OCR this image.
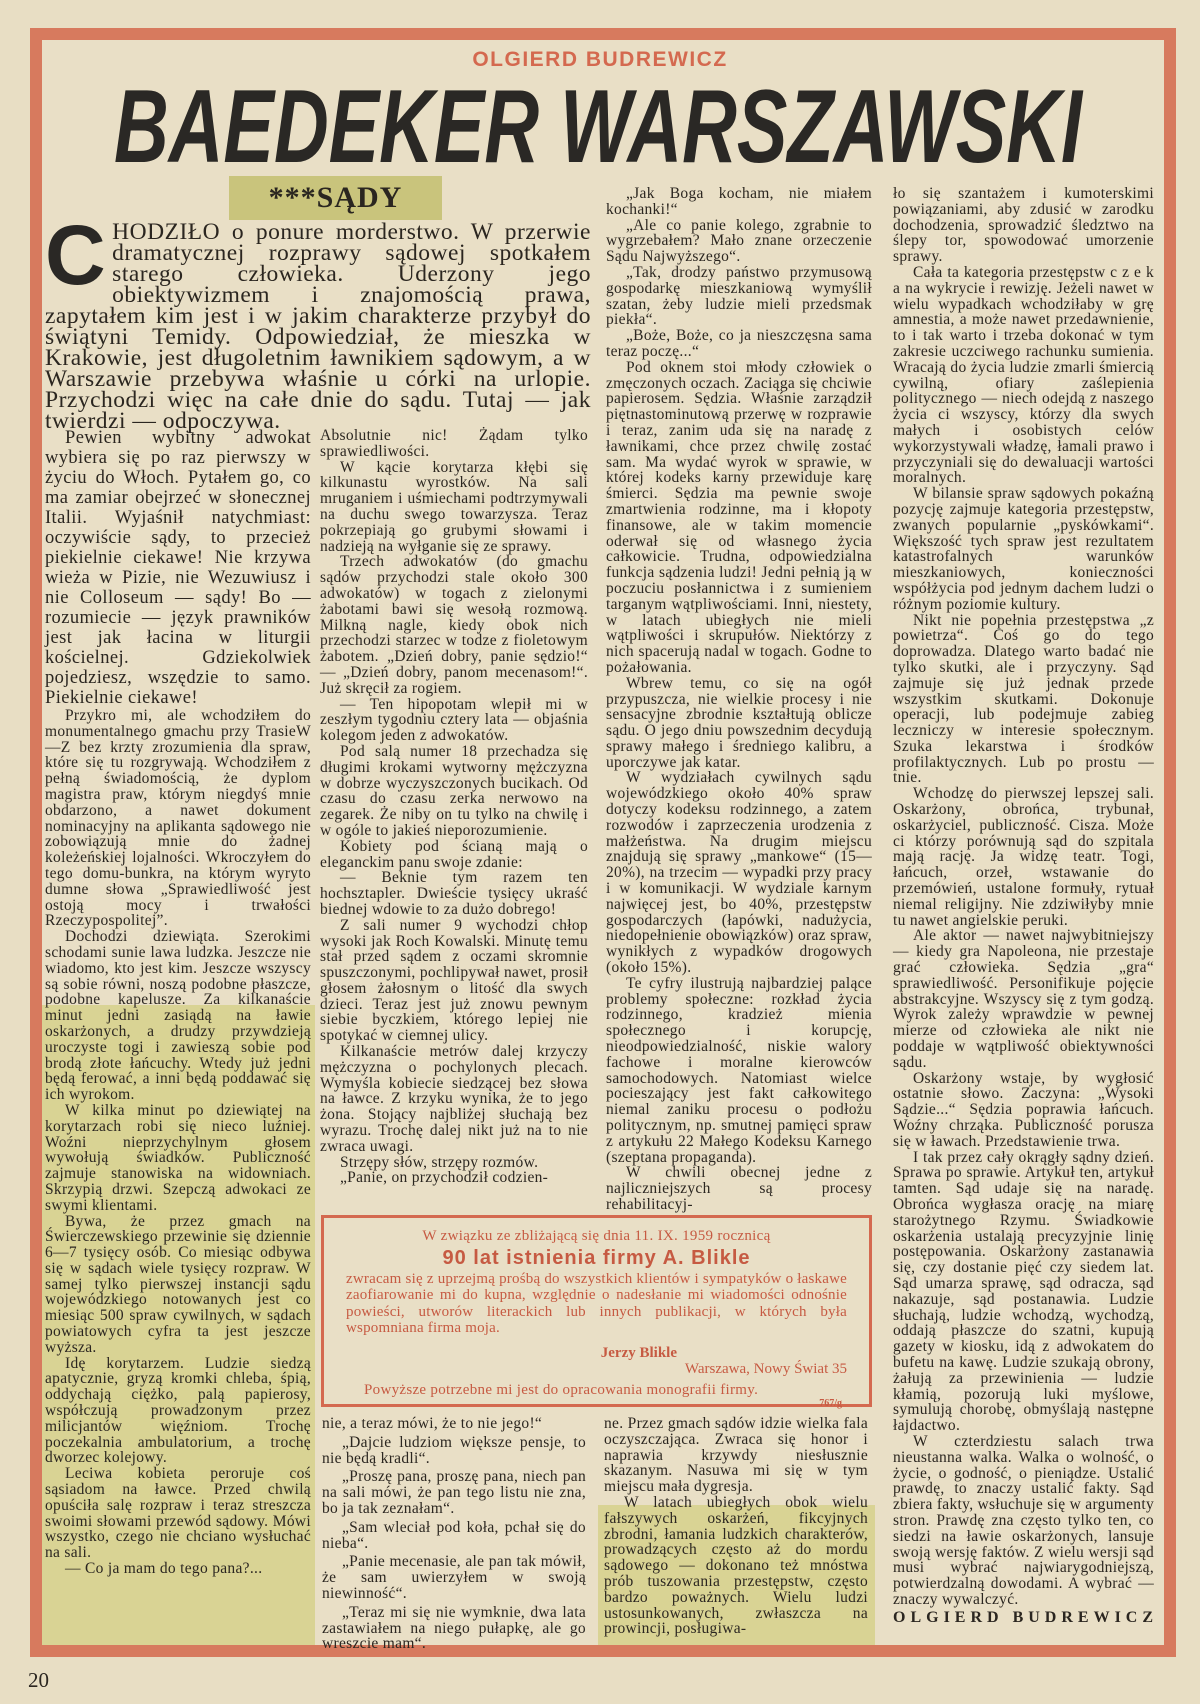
OLGIERD BUDREWICZ
BAEDEKER WARSZAWSKI
***SĄDY
CHODZIŁO o ponure morderstwo. W przerwie dramatycznej rozprawy sądowej spotkałem starego człowieka. Uderzony jego obiektywizmem i znajomością prawa, zapytałem kim jest i w jakim charakterze przybył do świątyni Temidy. Odpowiedział, że mieszka w Krakowie, jest długoletnim ławnikiem sądowym, a w Warszawie przebywa właśnie u córki na urlopie. Przychodzi więc na całe dnie do sądu. Tutaj — jak twierdzi — odpoczywa.

Pewien wybitny adwokat wybiera się po raz pierwszy w życiu do Włoch. Pytałem go, co ma zamiar obejrzeć w słonecznej Italii. Wyjaśnił natychmiast: oczywiście sądy, to przecież piekielnie ciekawe! Nie krzywa wieża w Pizie, nie Wezuwiusz i nie Colloseum — sądy! Bo — rozumiecie — język prawników jest jak łacina w liturgii kościelnej. Gdziekolwiek pojedziesz, wszędzie to samo. Piekielnie ciekawe!

Przykro mi, ale wchodziłem do monumentalnego gmachu przy TrasieW—Z bez krzty zrozumienia dla spraw, które się tu rozgrywają. Wchodziłem z pełną świadomością, że dyplom magistra praw, którym niegdyś mnie obdarzono, a nawet dokument nominacyjny na aplikanta sądowego nie zobowiązują mnie do żadnej koleżeńskiej lojalności. Wkroczyłem do tego domu-bunkra, na którym wyryto dumne słowa „Sprawiedliwość jest ostoją mocy i trwałości Rzeczypospolitej”.

Dochodzi dziewiąta. Szerokimi schodami sunie lawa ludzka. Jeszcze nie wiadomo, kto jest kim. Jeszcze wszyscy są sobie równi, noszą podobne płaszcze, podobne kapelusze. Za kilkanaście minut jedni zasiądą na ławie oskarżonych, a drudzy przywdzieją uroczyste togi i zawieszą sobie pod brodą złote łańcuchy. Wtedy już jedni będą ferować, a inni będą poddawać się ich wyrokom.

W kilka minut po dziewiątej na korytarzach robi się nieco luźniej. Woźni nieprzychylnym głosem wywołują świadków. Publiczność zajmuje stanowiska na widowniach. Skrzypią drzwi. Szepczą adwokaci ze swymi klientami.

Bywa, że przez gmach na Świerczewskiego przewinie się dziennie 6—7 tysięcy osób. Co miesiąc odbywa się w sądach wiele tysięcy rozpraw. W samej tylko pierwszej instancji sądu wojewódzkiego notowanych jest co miesiąc 500 spraw cywilnych, w sądach powiatowych cyfra ta jest jeszcze wyższa.

Idę korytarzem. Ludzie siedzą apatycznie, gryzą kromki chleba, śpią, oddychają ciężko, palą papierosy, współczują prowadzonym przez milicjantów więźniom. Trochę poczekalnia ambulatorium, a trochę dworzec kolejowy.

Leciwa kobieta peroruje coś sąsiadom na ławce. Przed chwilą opuściła salę rozpraw i teraz streszcza swoimi słowami przewód sądowy. Mówi wszystko, czego nie chciano wysłuchać na sali.

— Co ja mam do tego pana?...

Absolutnie nic! Żądam tylko sprawiedliwości.

W kącie korytarza kłębi się kilkunastu wyrostków. Na sali mruganiem i uśmiechami podtrzymywali na duchu swego towarzysza. Teraz pokrzepiają go grubymi słowami i nadzieją na wyłganie się ze sprawy.

Trzech adwokatów (do gmachu sądów przychodzi stale około 300 adwokatów) w togach z zielonymi żabotami bawi się wesołą rozmową. Milkną nagle, kiedy obok nich przechodzi starzec w todze z fioletowym żabotem. „Dzień dobry, panie sędzio!“ — „Dzień dobry, panom mecenasom!“. Już skręcił za rogiem.

— Ten hipopotam wlepił mi w zeszłym tygodniu cztery lata — objaśnia kolegom jeden z adwokatów.

Pod salą numer 18 przechadza się długimi krokami wytworny mężczyzna w dobrze wyczyszczonych bucikach. Od czasu do czasu zerka nerwowo na zegarek. Że niby on tu tylko na chwilę i w ogóle to jakieś nieporozumienie.

Kobiety pod ścianą mają o eleganckim panu swoje zdanie:

— Beknie tym razem ten hochsztapler. Dwieście tysięcy ukraść biednej wdowie to za dużo dobrego!

Z sali numer 9 wychodzi chłop wysoki jak Roch Kowalski. Minutę temu stał przed sądem z oczami skromnie spuszczonymi, pochlipywał nawet, prosił głosem żałosnym o litość dla swych dzieci. Teraz jest już znowu pewnym siebie byczkiem, którego lepiej nie spotykać w ciemnej ulicy.

Kilkanaście metrów dalej krzyczy mężczyzna o pochylonych plecach. Wymyśla kobiecie siedzącej bez słowa na ławce. Z krzyku wynika, że to jego żona. Stojący najbliżej słuchają bez wyrazu. Trochę dalej nikt już na to nie zwraca uwagi.

Strzępy słów, strzępy rozmów.

„Panie, on przychodził codzien-

„Jak Boga kocham, nie miałem kochanki!“

„Ale co panie kolego, zgrabnie to wygrzebałem? Mało znane orzeczenie Sądu Najwyższego“.

„Tak, drodzy państwo przymusową gospodarkę mieszkaniową wymyślił szatan, żeby ludzie mieli przedsmak piekła“.

„Boże, Boże, co ja nieszczęsna sama teraz poczę...“

Pod oknem stoi młody człowiek o zmęczonych oczach. Zaciąga się chciwie papierosem. Sędzia. Właśnie zarządził piętnastominutową przerwę w rozprawie i teraz, zanim uda się na naradę z ławnikami, chce przez chwilę zostać sam. Ma wydać wyrok w sprawie, w której kodeks karny przewiduje karę śmierci. Sędzia ma pewnie swoje zmartwienia rodzinne, ma i kłopoty finansowe, ale w takim momencie oderwał się od własnego życia całkowicie. Trudna, odpowiedzialna funkcja sądzenia ludzi! Jedni pełnią ją w poczuciu posłannictwa i z sumieniem targanym wątpliwościami. Inni, niestety, w latach ubiegłych nie mieli wątpliwości i skrupułów. Niektórzy z nich spacerują nadal w togach. Godne to pożałowania.

Wbrew temu, co się na ogół przypuszcza, nie wielkie procesy i nie sensacyjne zbrodnie kształtują oblicze sądu. O jego dniu powszednim decydują sprawy małego i średniego kalibru, a uporczywe jak katar.

W wydziałach cywilnych sądu wojewódzkiego około 40% spraw dotyczy kodeksu rodzinnego, a zatem rozwodów i zaprzeczenia urodzenia z małżeństwa. Na drugim miejscu znajdują się sprawy „mankowe“ (15—20%), na trzecim — wypadki przy pracy i w komunikacji. W wydziale karnym najwięcej jest, bo 40%, przestępstw gospodarczych (łapówki, nadużycia, niedopełnienie obowiązków) oraz spraw, wynikłych z wypadków drogowych (około 15%).

Te cyfry ilustrują najbardziej palące problemy społeczne: rozkład życia rodzinnego, kradzież mienia społecznego i korupcję, nieodpowiedzialność, niskie walory fachowe i moralne kierowców samochodowych. Natomiast wielce pocieszający jest fakt całkowitego niemal zaniku procesu o podłożu politycznym, np. smutnej pamięci spraw z artykułu 22 Małego Kodeksu Karnego (szeptana propaganda).

W chwili obecnej jedne z najliczniejszych są procesy rehabilitacyj-

nie, a teraz mówi, że to nie jego!“

„Dajcie ludziom większe pensje, to nie będą kradli“.

„Proszę pana, proszę pana, niech pan na sali mówi, że pan tego listu nie zna, bo ja tak zeznałam“.

„Sam wleciał pod koła, pchał się do nieba“.

„Panie mecenasie, ale pan tak mówił, że sam uwierzyłem w swoją niewinność“.

„Teraz mi się nie wymknie, dwa lata zastawiałem na niego pułapkę, ale go wreszcie mam“.

ne. Przez gmach sądów idzie wielka fala oczyszczająca. Zwraca się honor i naprawia krzywdy niesłusznie skazanym. Nasuwa mi się w tym miejscu mała dygresja.

W latach ubiegłych obok wielu fałszywych oskarżeń, fikcyjnych zbrodni, łamania ludzkich charakterów, prowadzących często aż do mordu sądowego — dokonano też mnóstwa prób tuszowania przestępstw, często bardzo poważnych. Wielu ludzi ustosunkowanych, zwłaszcza na prowincji, posługiwa-

ło się szantażem i kumoterskimi powiązaniami, aby zdusić w zarodku dochodzenia, sprowadzić śledztwo na ślepy tor, spowodować umorzenie sprawy.

Cała ta kategoria przestępstw c z e k a na wykrycie i rewizję. Jeżeli nawet w wielu wypadkach wchodziłaby w grę amnestia, a może nawet przedawnienie, to i tak warto i trzeba dokonać w tym zakresie uczciwego rachunku sumienia. Wracają do życia ludzie zmarli śmiercią cywilną, ofiary zaślepienia politycznego — niech odejdą z naszego życia ci wszyscy, którzy dla swych małych i osobistych celów wykorzystywali władzę, łamali prawo i przyczyniali się do dewaluacji wartości moralnych.

W bilansie spraw sądowych pokaźną pozycję zajmuje kategoria przestępstw, zwanych popularnie „pyskówkami“. Większość tych spraw jest rezultatem katastrofalnych warunków mieszkaniowych, konieczności współżycia pod jednym dachem ludzi o różnym poziomie kultury.

Nikt nie popełnia przestępstwa „z powietrza“. Coś go do tego doprowadza. Dlatego warto badać nie tylko skutki, ale i przyczyny. Sąd zajmuje się już jednak przede wszystkim skutkami. Dokonuje operacji, lub podejmuje zabieg leczniczy w interesie społecznym. Szuka lekarstwa i środków profilaktycznych. Lub po prostu — tnie.

Wchodzę do pierwszej lepszej sali. Oskarżony, obrońca, trybunał, oskarżyciel, publiczność. Cisza. Może ci którzy porównują sąd do szpitala mają rację. Ja widzę teatr. Togi, łańcuch, orzeł, wstawanie do przemówień, ustalone formuły, rytuał niemal religijny. Nie zdziwiłyby mnie tu nawet angielskie peruki.

Ale aktor — nawet najwybitniejszy — kiedy gra Napoleona, nie przestaje grać człowieka. Sędzia „gra“ sprawiedliwość. Personifikuje pojęcie abstrakcyjne. Wszyscy się z tym godzą. Wyrok zależy wprawdzie w pewnej mierze od człowieka ale nikt nie poddaje w wątpliwość obiektywności sądu.

Oskarżony wstaje, by wygłosić ostatnie słowo. Zaczyna: „Wysoki Sądzie...“ Sędzia poprawia łańcuch. Woźny chrząka. Publiczność porusza się w ławach. Przedstawienie trwa.

I tak przez cały okrągły sądny dzień. Sprawa po sprawie. Artykuł ten, artykuł tamten. Sąd udaje się na naradę. Obrońca wygłasza orację na miarę starożytnego Rzymu. Świadkowie oskarżenia ustalają precyzyjnie linię postępowania. Oskarżony zastanawia się, czy dostanie pięć czy siedem lat. Sąd umarza sprawę, sąd odracza, sąd nakazuje, sąd postanawia. Ludzie słuchają, ludzie wchodzą, wychodzą, oddają płaszcze do szatni, kupują gazety w kiosku, idą z adwokatem do bufetu na kawę. Ludzie szukają obrony, żałują za przewinienia — ludzie kłamią, pozorują luki myślowe, symulują chorobę, obmyślają następne łajdactwo.

W czterdziestu salach trwa nieustanna walka. Walka o wolność, o życie, o godność, o pieniądze. Ustalić prawdę, to znaczy ustalić fakty. Sąd zbiera fakty, wsłuchuje się w argumenty stron. Prawdę zna często tylko ten, co siedzi na ławie oskarżonych, lansuje swoją wersję faktów. Z wielu wersji sąd musi wybrać najwiarygodniejszą, potwierdzalną dowodami. A wybrać — znaczy wywalczyć.

OLGIERD BUDREWICZ
W związku ze zbliżającą się dnia 11. IX. 1959 rocznicą
90 lat istnienia firmy A. Blikle
zwracam się z uprzejmą prośbą do wszystkich klientów i sympatyków o łaskawe zaofiarowanie mi do kupna, względnie o nadesłanie mi wiadomości odnośnie powieści, utworów literackich lub innych publikacji, w których była wspomniana firma moja.
Jerzy Blikle
Warszawa, Nowy Świat 35
Powyższe potrzebne mi jest do opracowania monografii firmy.
767/g
20
